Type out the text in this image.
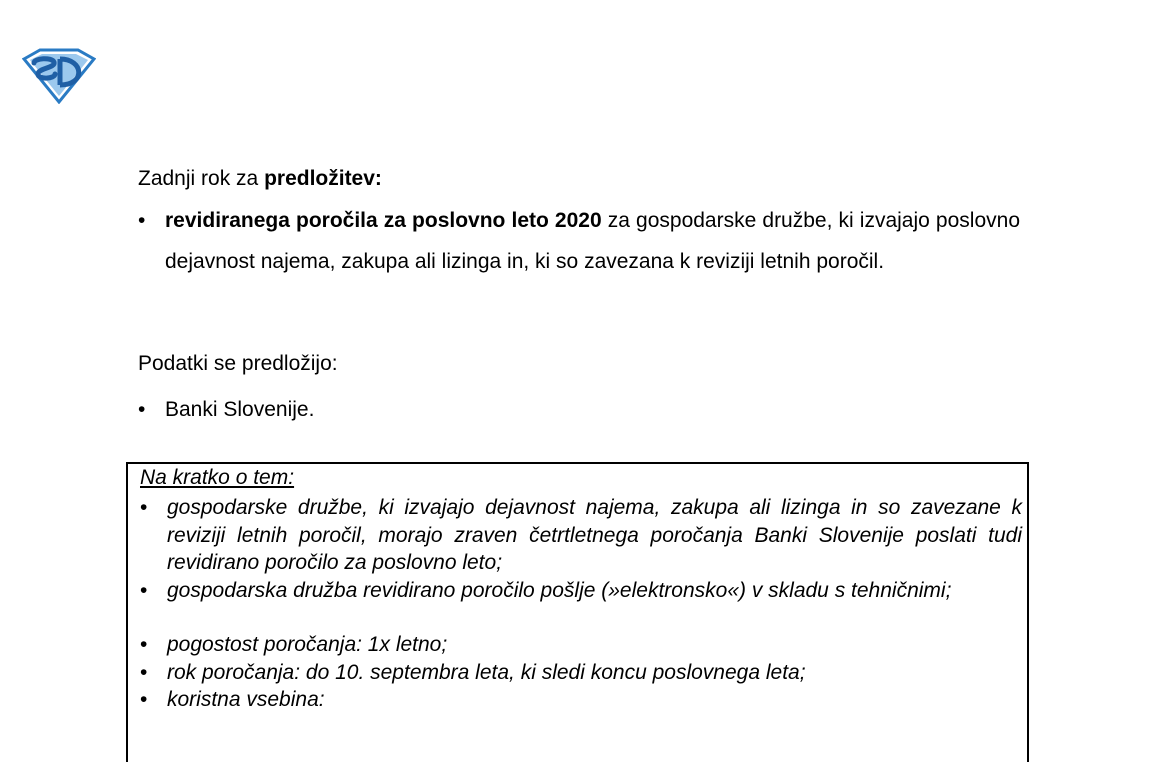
Zadnji rok za predložitev:
• revidiranega poročila za poslovno leto 2020 za gospodarske družbe, ki izvajajo poslovno dejavnost najema, zakupa ali lizinga in, ki so zavezana k reviziji letnih poročil.
Podatki se predložijo:
• Banki Slovenije.
Na kratko o tem:
• gospodarske družbe, ki izvajajo dejavnost najema, zakupa ali lizinga in so zavezane k reviziji letnih poročil, morajo zraven četrtletnega poročanja Banki Slovenije poslati tudi revidirano poročilo za poslovno leto;
• gospodarska družba revidirano poročilo pošlje (»elektronsko«) v skladu s tehničnimi;
• pogostost poročanja: 1x letno;
• rok poročanja: do 10. septembra leta, ki sledi koncu poslovnega leta;
• koristna vsebina:
